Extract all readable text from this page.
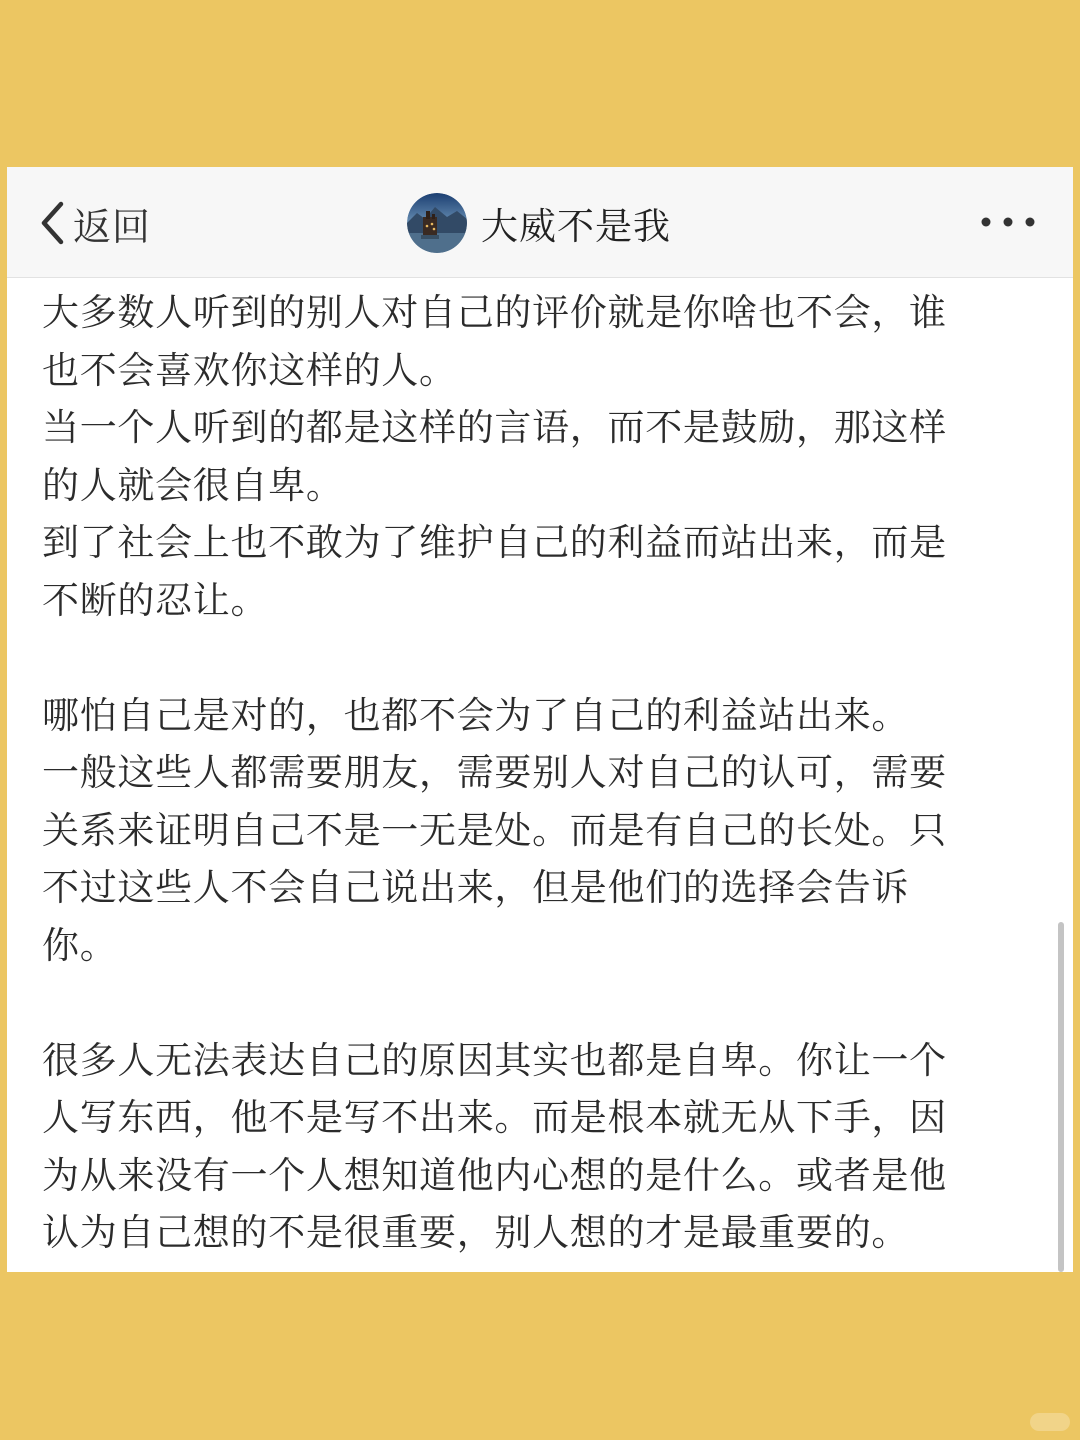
返回	大威不是我

大多数人听到的别人对自己的评价就是你啥也不会，谁

也不会喜欢你这样的人。

当一个人听到的都是这样的言语，而不是鼓励，那这样

的人就会很自卑。

到了社会上也不敢为了维护自己的利益而站出来，而是

不断的忍让。

哪怕自己是对的，也都不会为了自己的利益站出来。

一般这些人都需要朋友，需要别人对自己的认可，需要

关系来证明自己不是一无是处。而是有自己的长处。只

不过这些人不会自己说出来，但是他们的选择会告诉

你。

很多人无法表达自己的原因其实也都是自卑。你让一个

人写东西，他不是写不出来。而是根本就无从下手，因

为从来没有一个人想知道他内心想的是什么。或者是他

认为自己想的不是很重要，别人想的才是最重要的。
